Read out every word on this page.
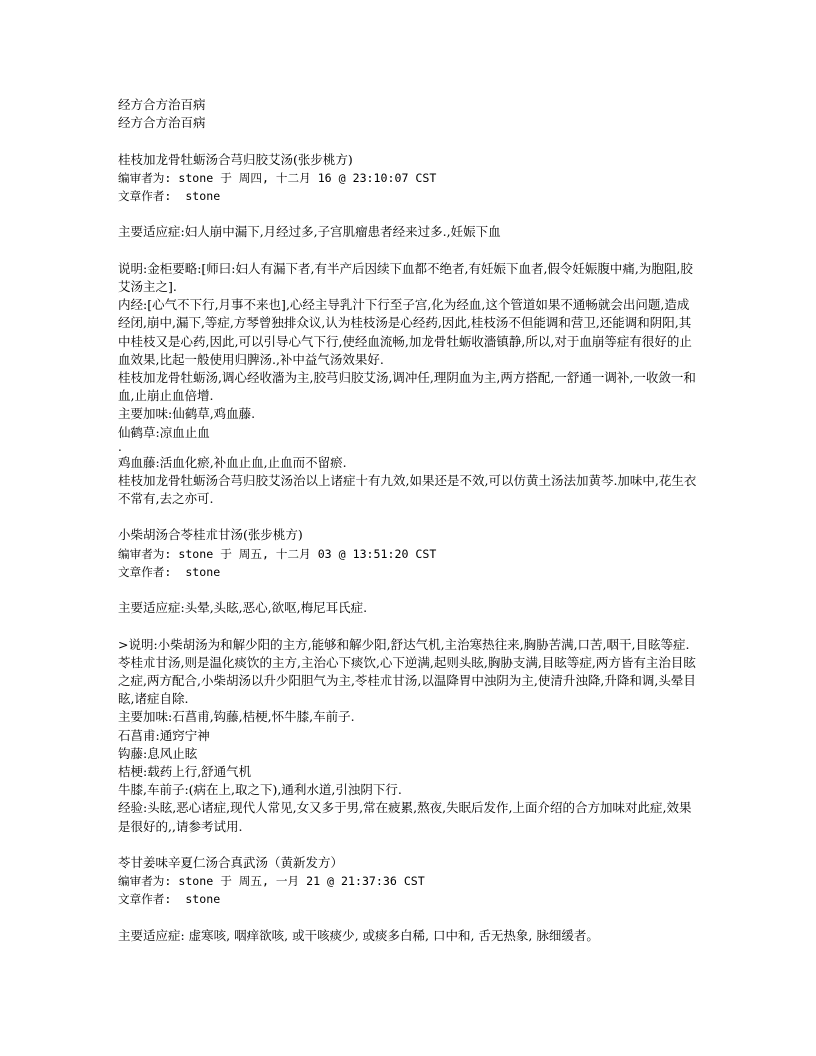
经方合方治百病
经方合方治百病
桂枝加龙骨牡蛎汤合芎归胶艾汤(张步桃方)
编审者为: stone 于 周四, 十二月 16 @ 23:10:07 CST
文章作者:  stone
主要适应症:妇人崩中漏下,月经过多,子宫肌瘤患者经来过多.,妊娠下血
说明:金柜要略:[师曰:妇人有漏下者,有半产后因续下血都不绝者,有妊娠下血者,假令妊娠腹中痛,为胞阻,胶艾汤主之].
内经:[心气不下行,月事不来也],心经主导乳汁下行至子宫,化为经血,这个管道如果不通畅就会出问题,造成经闭,崩中,漏下,等症,方琴曾独排众议,认为桂枝汤是心经药,因此,桂枝汤不但能调和营卫,还能调和阴阳,其中桂枝又是心药,因此,可以引导心气下行,使经血流畅,加龙骨牡蛎收濇镇静,所以,对于血崩等症有很好的止血效果,比起一般使用归脾汤.,补中益气汤效果好.
桂枝加龙骨牡蛎汤,调心经收濇为主,胶芎归胶艾汤,调冲任,理阴血为主,两方搭配,一舒通一调补,一收敛一和血,止崩止血倍增.
主要加味:仙鹤草,鸡血藤.
仙鹤草:凉血止血
.
鸡血藤:活血化瘀,补血止血,止血而不留瘀.
桂枝加龙骨牡蛎汤合芎归胶艾汤治以上诸症十有九效,如果还是不效,可以仿黄土汤法加黄芩.加味中,花生衣不常有,去之亦可.
小柴胡汤合苓桂朮甘汤(张步桃方)
编审者为: stone 于 周五, 十二月 03 @ 13:51:20 CST
文章作者:  stone
主要适应症:头晕,头眩,恶心,欲呕,梅尼耳氏症.
>说明:小柴胡汤为和解少阳的主方,能够和解少阳,舒达气机,主治寒热往来,胸胁苦满,口苦,咽干,目眩等症.苓桂朮甘汤,则是温化痰饮的主方,主治心下痰饮,心下逆满,起则头眩,胸胁支满,目眩等症,两方皆有主治目眩之症,两方配合,小柴胡汤以升少阳胆气为主,苓桂朮甘汤,以温降胃中浊阴为主,使清升浊降,升降和调,头晕目眩,诸症自除.
主要加味:石菖甫,钩藤,桔梗,怀牛膝,车前子.
石菖甫:通窍宁神
钩藤:息风止眩
桔梗:载药上行,舒通气机
牛膝,车前子:(病在上,取之下),通利水道,引浊阴下行.
经验:头眩,恶心诸症,现代人常见,女又多于男,常在疲累,熬夜,失眠后发作,上面介绍的合方加味对此症,效果是很好的,,请参考试用.
苓甘姜味辛夏仁汤合真武汤（黄新发方）
编审者为: stone 于 周五, 一月 21 @ 21:37:36 CST
文章作者:  stone
主要适应症: 虚寒咳, 咽痒欲咳, 或干咳痰少, 或痰多白稀, 口中和, 舌无热象, 脉细缓者。
